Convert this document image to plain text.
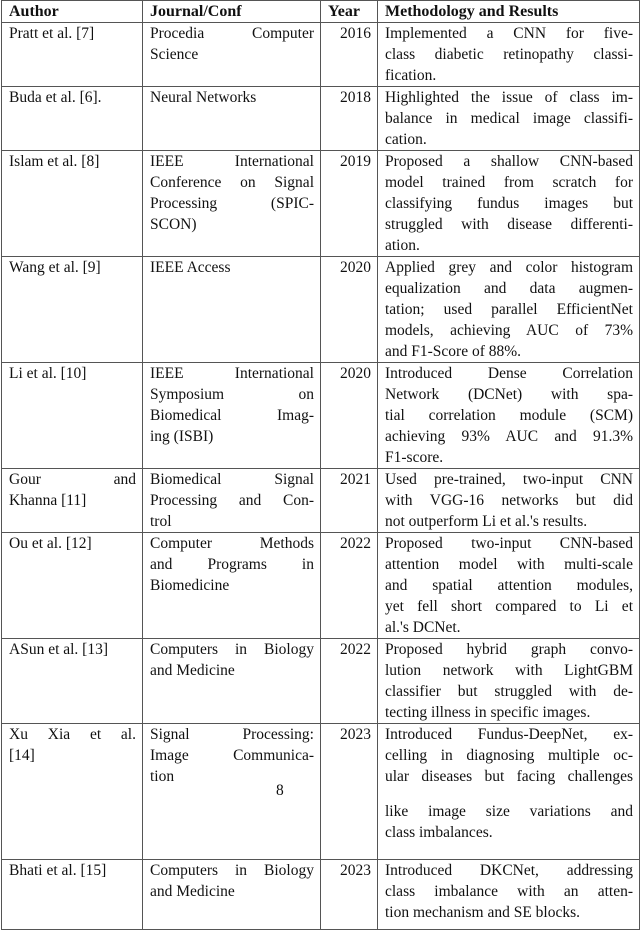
Author	Journal/Conf	Year	Methodology and Results

Pratt et al. [7]	Procedia Computer
Science	2016	Implemented a CNN for five-
class diabetic retinopathy classi-
fication.

Buda et al. [6].	Neural Networks	2018	Highlighted the issue of class im-
balance in medical image classifi-
cation.

Islam et al. [8]	IEEE International
Conference on Signal
Processing (SPIC-
SCON)	2019	Proposed a shallow CNN-based
model trained from scratch for
classifying fundus images but
struggled with disease differenti-
ation.

Wang et al. [9]	IEEE Access	2020	Applied grey and color histogram
equalization and data augmen-
tation; used parallel EfficientNet
models, achieving AUC of 73%
and F1-Score of 88%.

Li et al. [10]	IEEE International
Symposium on
Biomedical Imag-
ing (ISBI)	2020	Introduced Dense Correlation
Network (DCNet) with spa-
tial correlation module (SCM)
achieving 93% AUC and 91.3%
F1-score.

Gour and
Khanna [11]	Biomedical Signal
Processing and Con-
trol	2021	Used pre-trained, two-input CNN
with VGG-16 networks but did
not outperform Li et al.'s results.

Ou et al. [12]	Computer Methods
and Programs in
Biomedicine	2022	Proposed two-input CNN-based
attention model with multi-scale
and spatial attention modules,
yet fell short compared to Li et
al.'s DCNet.

ASun et al. [13]	Computers in Biology
and Medicine	2022	Proposed hybrid graph convo-
lution network with LightGBM
classifier but struggled with de-
tecting illness in specific images.

Xu Xia et al.
[14]	Signal Processing:
Image Communica-
tion	2023	Introduced Fundus-DeepNet, ex-
celling in diagnosing multiple oc-
ular diseases but facing challenges
like image size variations and
class imbalances.

Bhati et al. [15]	Computers in Biology
and Medicine	2023	Introduced DKCNet, addressing
class imbalance with an atten-
tion mechanism and SE blocks.
8
